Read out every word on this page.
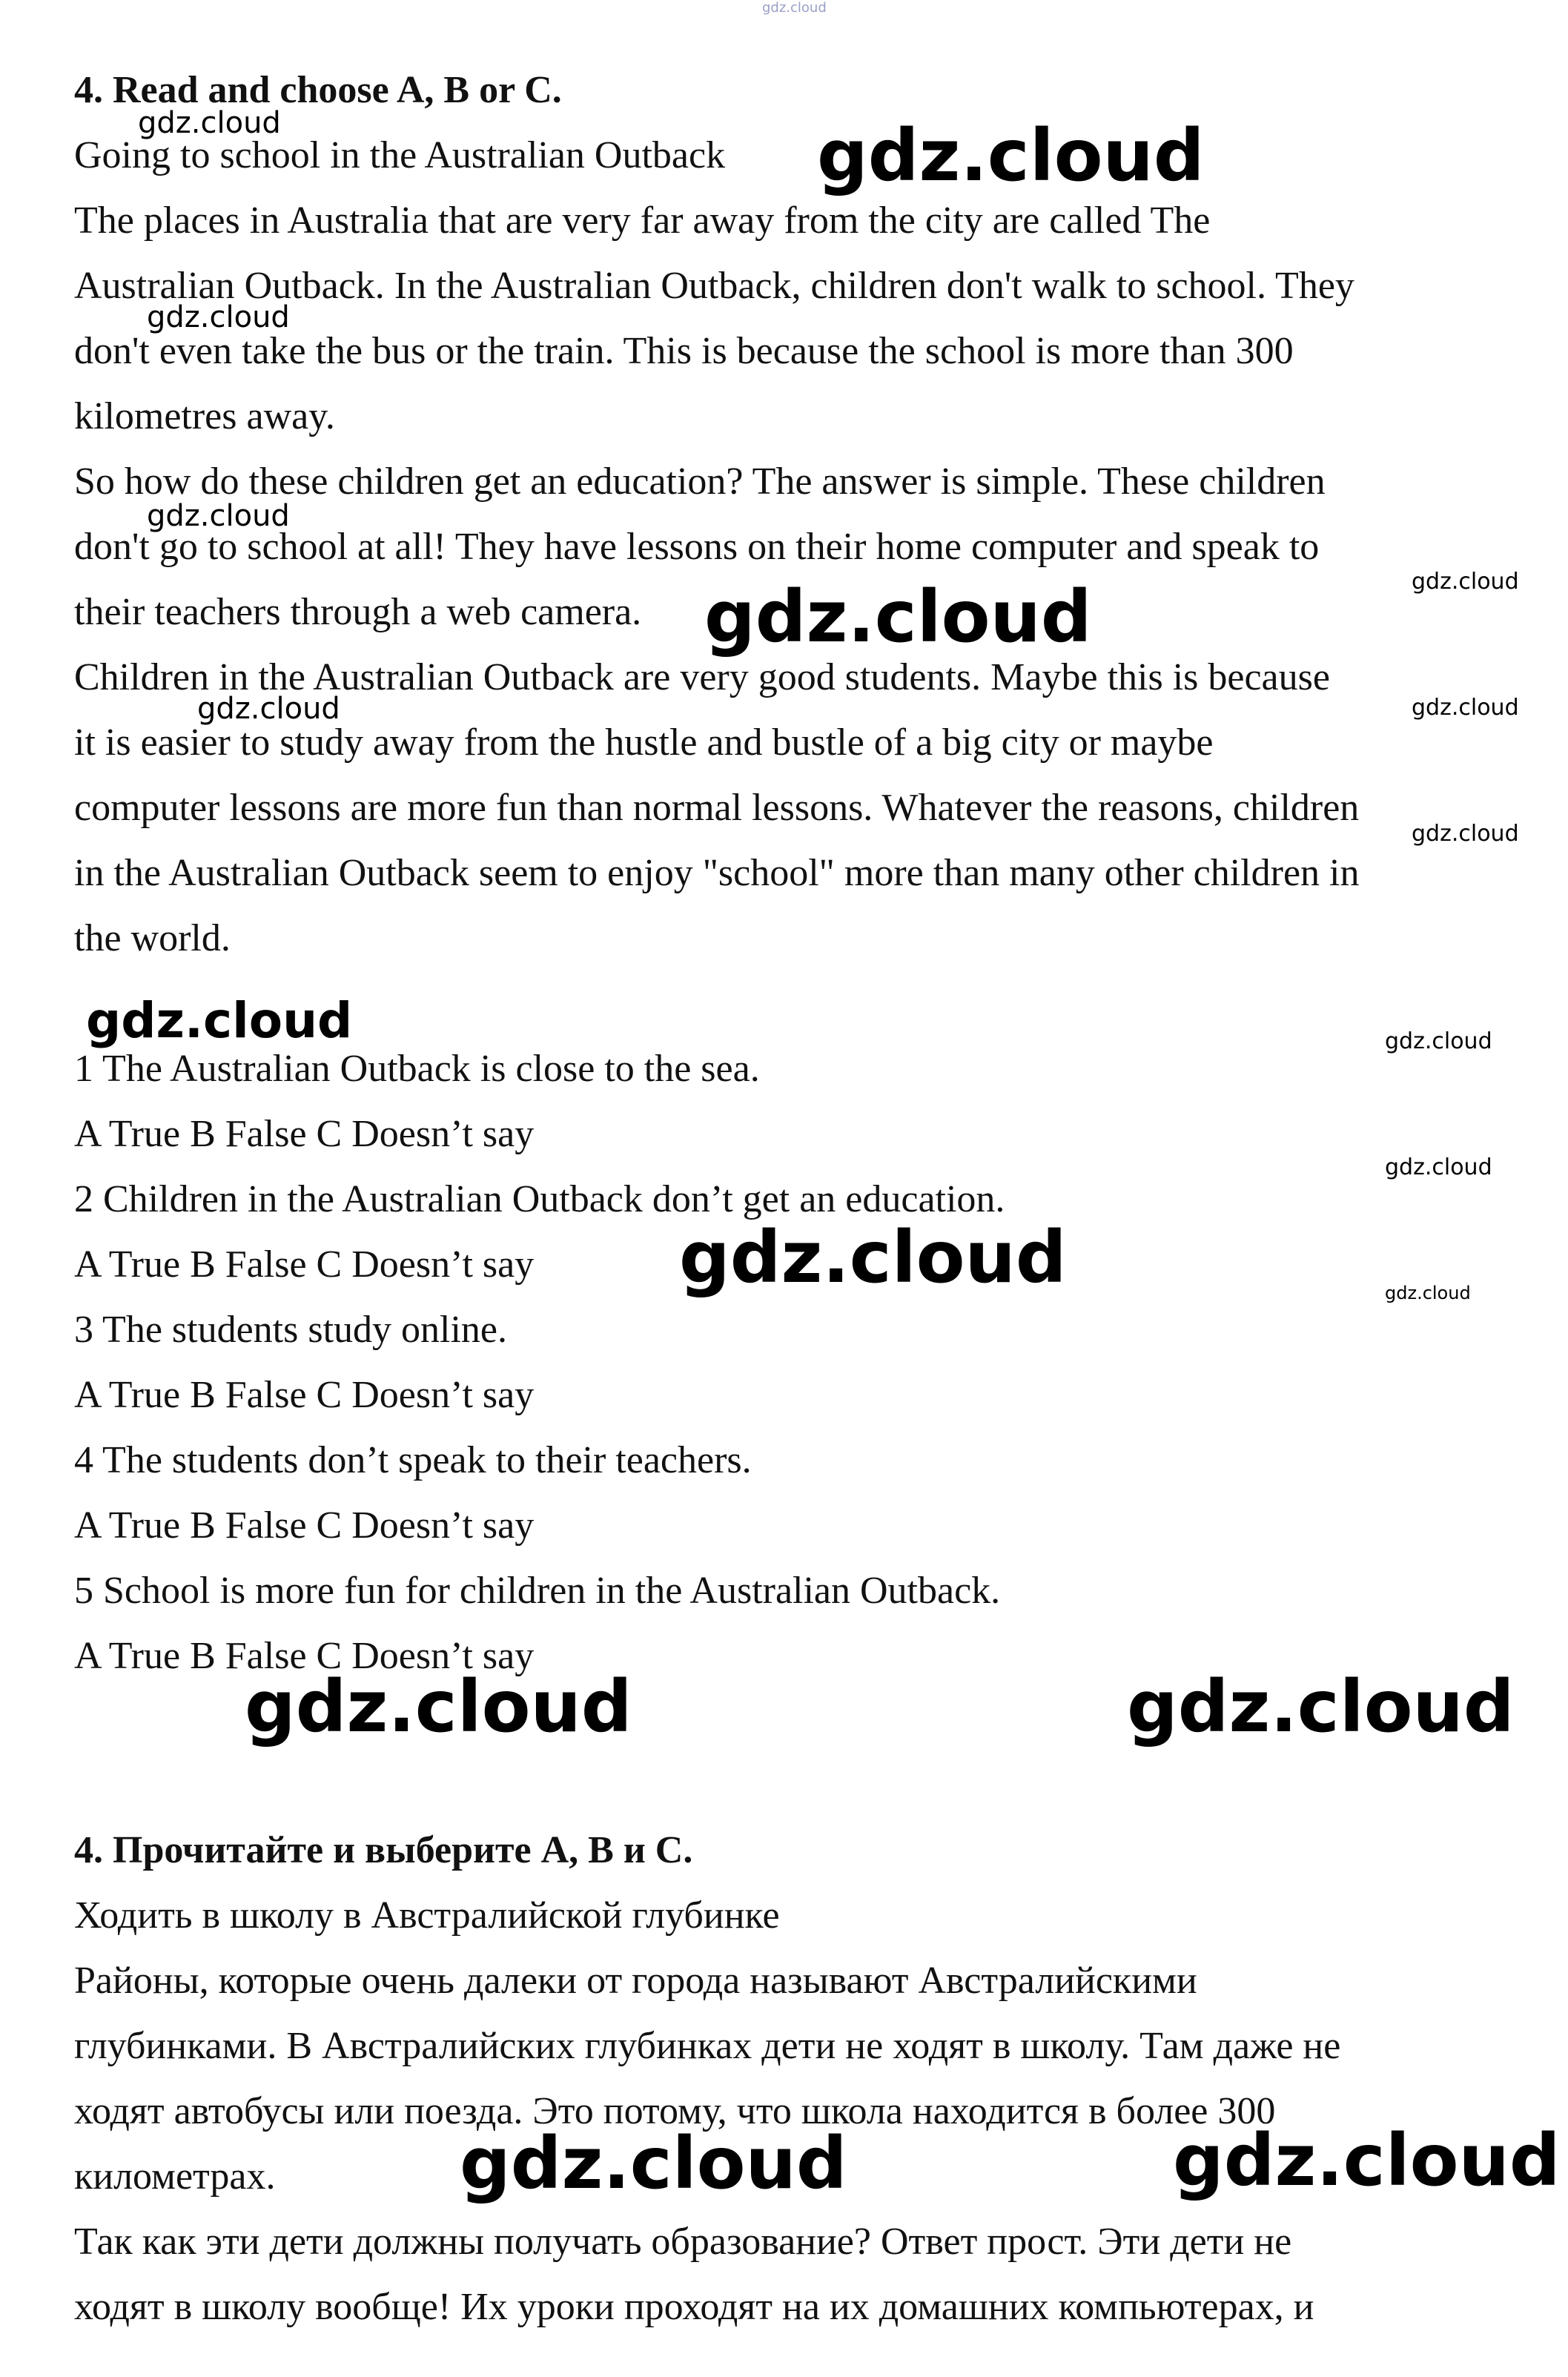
4. Read and choose A, B or C.
Going to school in the Australian Outback
The places in Australia that are very far away from the city are called The
Australian Outback. In the Australian Outback, children don't walk to school. They
don't even take the bus or the train. This is because the school is more than 300
kilometres away.
So how do these children get an education? The answer is simple. These children
don't go to school at all! They have lessons on their home computer and speak to
their teachers through a web camera.
Children in the Australian Outback are very good students. Maybe this is because
it is easier to study away from the hustle and bustle of a big city or maybe
computer lessons are more fun than normal lessons. Whatever the reasons, children
in the Australian Outback seem to enjoy "school" more than many other children in
the world.
1 The Australian Outback is close to the sea.
A True B False C Doesn’t say
2 Children in the Australian Outback don’t get an education.
A True B False C Doesn’t say
3 The students study online.
A True B False C Doesn’t say
4 The students don’t speak to their teachers.
A True B False C Doesn’t say
5 School is more fun for children in the Australian Outback.
A True B False C Doesn’t say
4. Прочитайте и выберите А, В и С.
Ходить в школу в Австралийской глубинке
Районы, которые очень далеки от города называют Австралийскими
глубинками. В Австралийских глубинках дети не ходят в школу. Там даже не
ходят автобусы или поезда. Это потому, что школа находится в более 300
километрах.
Так как эти дети должны получать образование? Ответ прост. Эти дети не
ходят в школу вообще! Их уроки проходят на их домашних компьютерах, и
gdz.cloud
gdz.cloud	gdz.cloud
gdz.cloud
gdz.cloud
gdz.cloud
gdz.cloud
gdz.cloud	gdz.cloud
gdz.cloud
gdz.cloud	gdz.cloud
gdz.cloud
gdz.cloud	gdz.cloud
gdz.cloud	gdz.cloud
gdz.cloud	gdz.cloud
